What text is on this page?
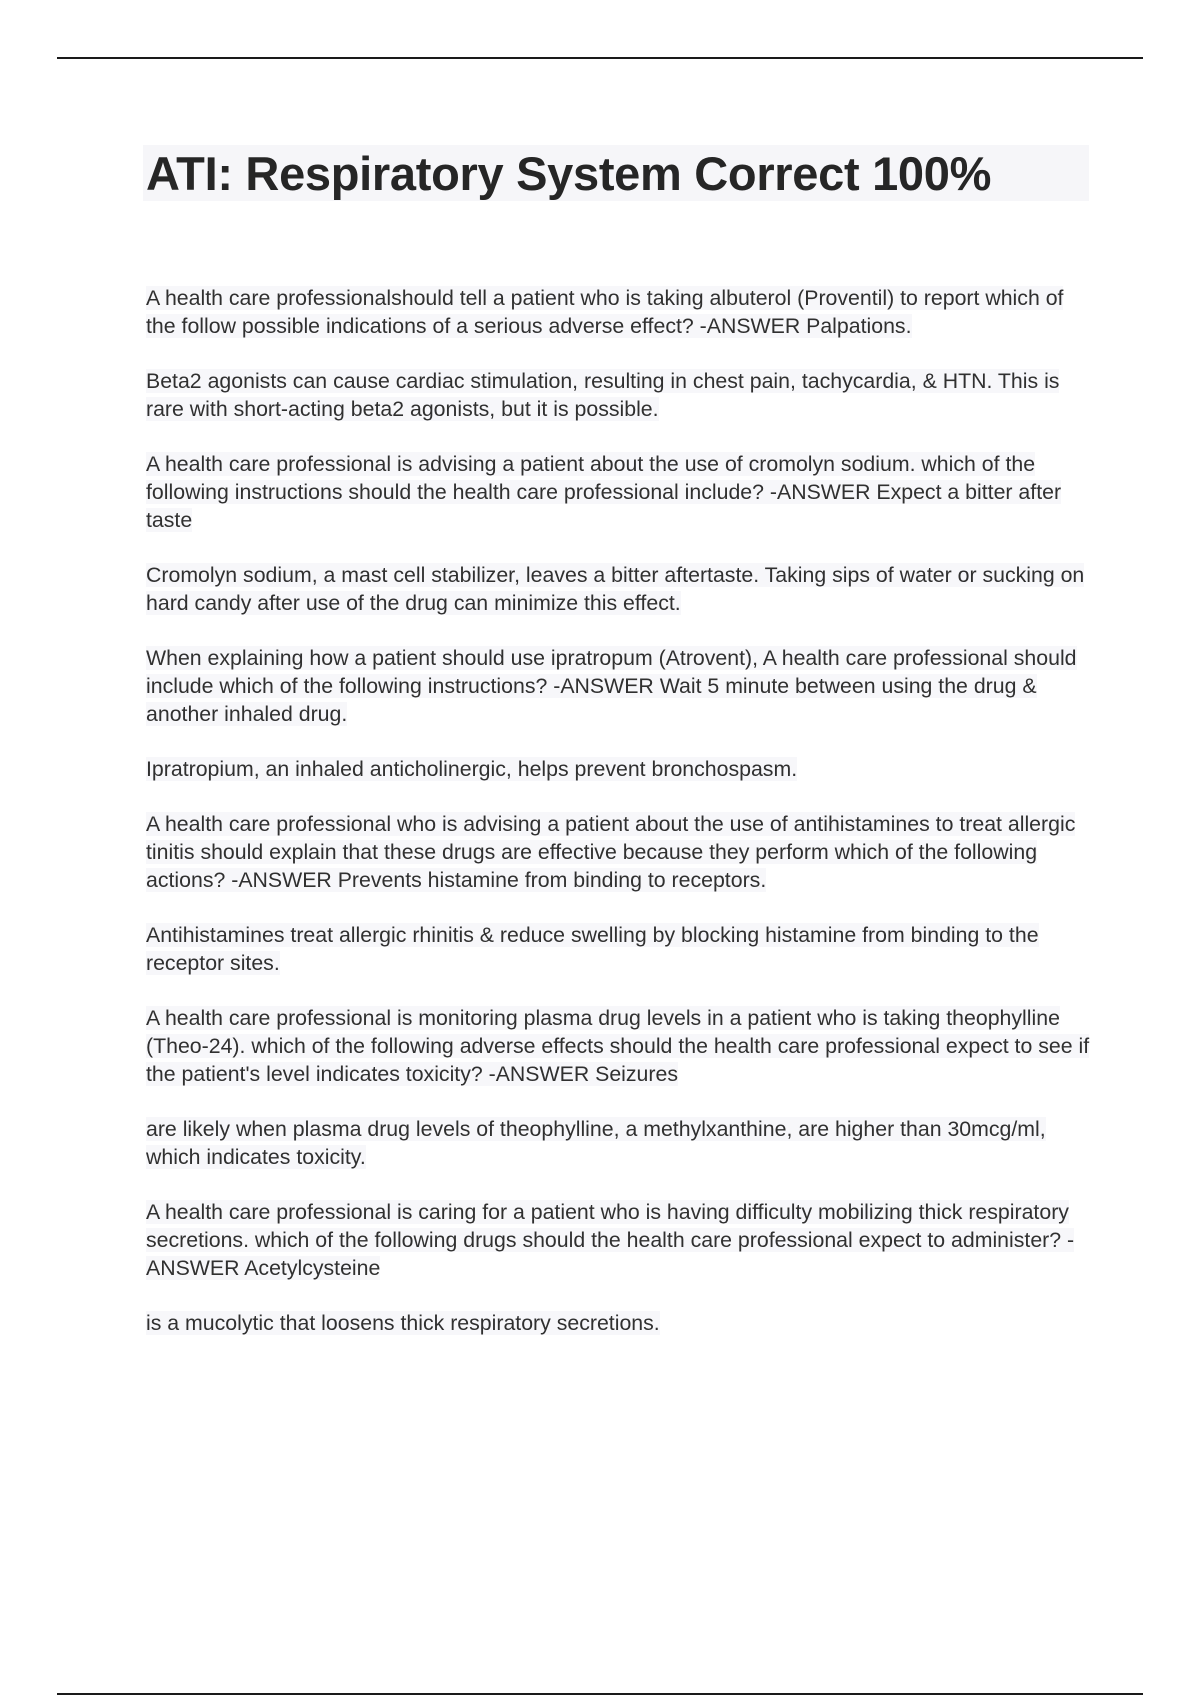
ATI: Respiratory System Correct 100%

A health care professionalshould tell a patient who is taking albuterol (Proventil) to report which of the follow possible indications of a serious adverse effect? -ANSWER Palpations.

Beta2 agonists can cause cardiac stimulation, resulting in chest pain, tachycardia, & HTN. This is rare with short-acting beta2 agonists, but it is possible.

A health care professional is advising a patient about the use of cromolyn sodium. which of the following instructions should the health care professional include? -ANSWER Expect a bitter after taste

Cromolyn sodium, a mast cell stabilizer, leaves a bitter aftertaste. Taking sips of water or sucking on hard candy after use of the drug can minimize this effect.

When explaining how a patient should use ipratropum (Atrovent), A health care professional should include which of the following instructions? -ANSWER Wait 5 minute between using the drug & another inhaled drug.

Ipratropium, an inhaled anticholinergic, helps prevent bronchospasm.

A health care professional who is advising a patient about the use of antihistamines to treat allergic tinitis should explain that these drugs are effective because they perform which of the following actions? -ANSWER Prevents histamine from binding to receptors.

Antihistamines treat allergic rhinitis & reduce swelling by blocking histamine from binding to the receptor sites.

A health care professional is monitoring plasma drug levels in a patient who is taking theophylline (Theo-24). which of the following adverse effects should the health care professional expect to see if the patient's level indicates toxicity? -ANSWER Seizures

are likely when plasma drug levels of theophylline, a methylxanthine, are higher than 30mcg/ml, which indicates toxicity.

A health care professional is caring for a patient who is having difficulty mobilizing thick respiratory secretions. which of the following drugs should the health care professional expect to administer? -ANSWER Acetylcysteine

is a mucolytic that loosens thick respiratory secretions.
